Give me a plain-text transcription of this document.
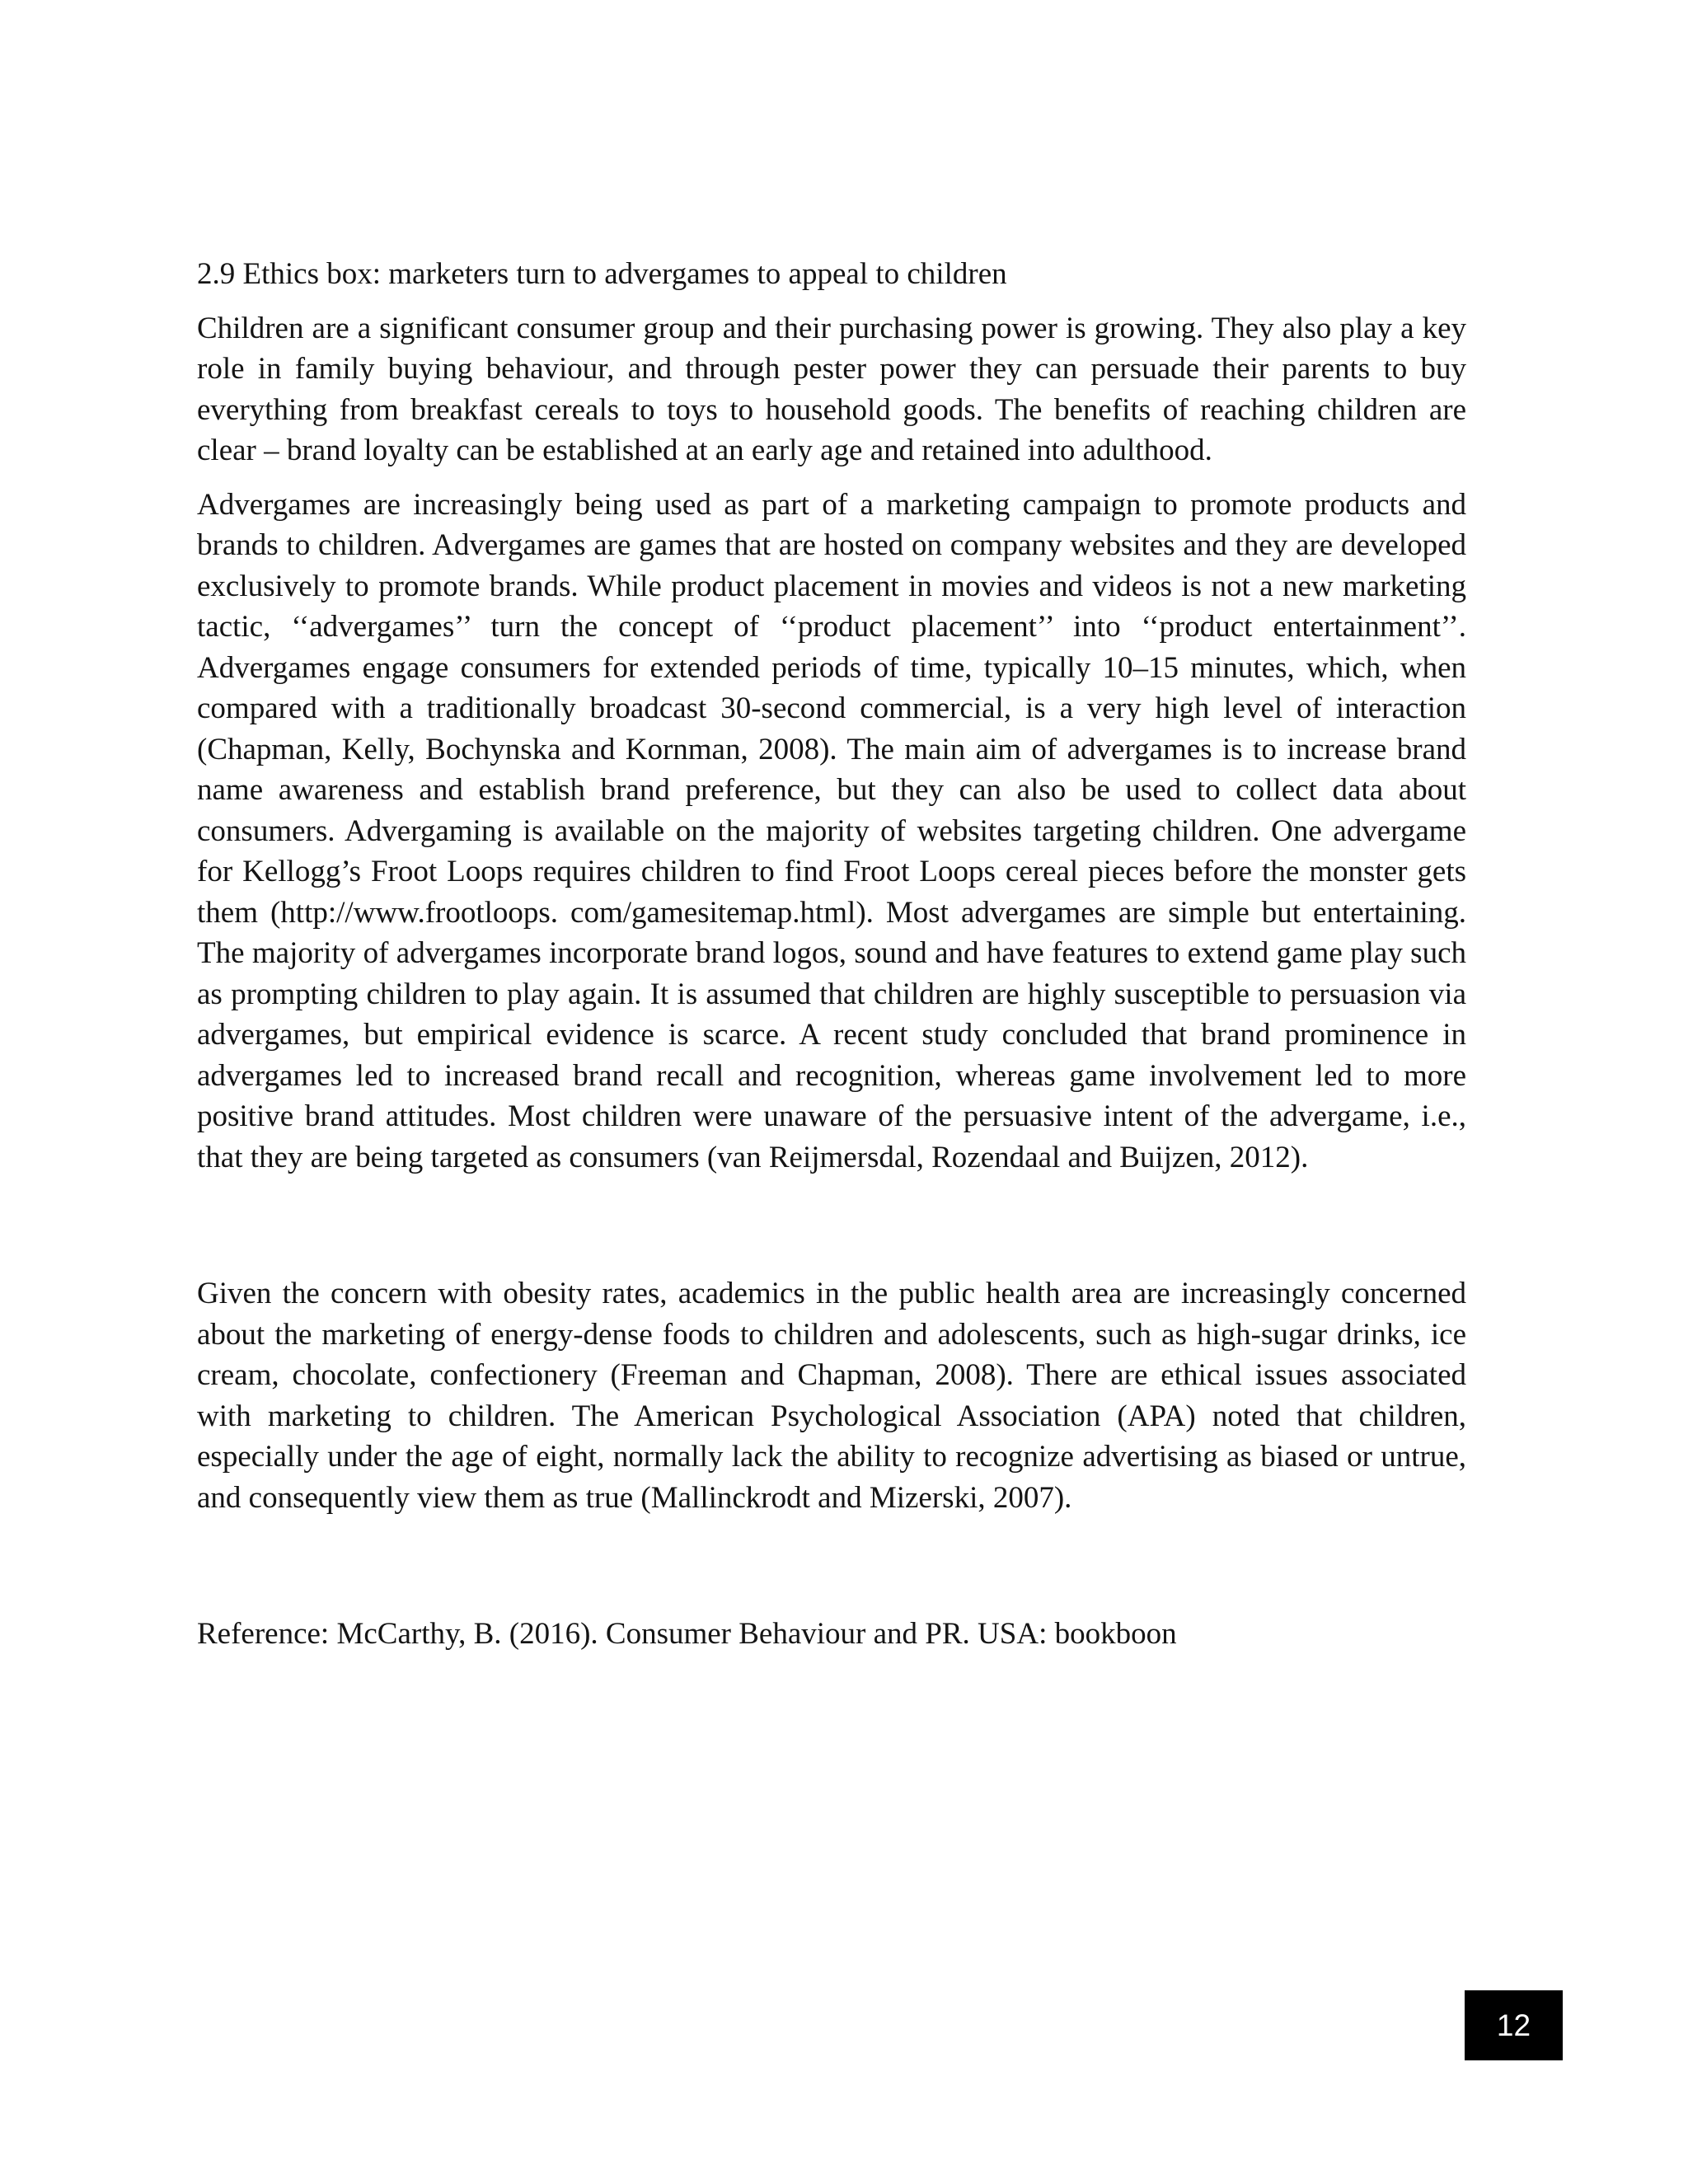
2.9 Ethics box: marketers turn to advergames to appeal to children

Children are a significant consumer group and their purchasing power is growing. They also play a key role in family buying behaviour, and through pester power they can persuade their parents to buy everything from breakfast cereals to toys to household goods. The benefits of reaching children are clear – brand loyalty can be established at an early age and retained into adulthood.

Advergames are increasingly being used as part of a marketing campaign to promote products and brands to children. Advergames are games that are hosted on company websites and they are developed exclusively to promote brands. While product placement in movies and videos is not a new marketing tactic, ‘‘advergames’’ turn the concept of ‘‘product placement’’ into ‘‘product entertainment’’. Advergames engage consumers for extended periods of time, typically 10–15 minutes, which, when compared with a traditionally broadcast 30-second commercial, is a very high level of interaction (Chapman, Kelly, Bochynska and Kornman, 2008). The main aim of advergames is to increase brand name awareness and establish brand preference, but they can also be used to collect data about consumers. Advergaming is available on the majority of websites targeting children. One advergame for Kellogg’s Froot Loops requires children to find Froot Loops cereal pieces before the monster gets them (http://www.frootloops. com/gamesitemap.html). Most advergames are simple but entertaining. The majority of advergames incorporate brand logos, sound and have features to extend game play such as prompting children to play again. It is assumed that children are highly susceptible to persuasion via advergames, but empirical evidence is scarce. A recent study concluded that brand prominence in advergames led to increased brand recall and recognition, whereas game involvement led to more positive brand attitudes. Most children were unaware of the persuasive intent of the advergame, i.e., that they are being targeted as consumers (van Reijmersdal, Rozendaal and Buijzen, 2012).

Given the concern with obesity rates, academics in the public health area are increasingly concerned about the marketing of energy-dense foods to children and adolescents, such as high-sugar drinks, ice cream, chocolate, confectionery (Freeman and Chapman, 2008). There are ethical issues associated with marketing to children. The American Psychological Association (APA) noted that children, especially under the age of eight, normally lack the ability to recognize advertising as biased or untrue, and consequently view them as true (Mallinckrodt and Mizerski, 2007).

Reference: McCarthy, B. (2016). Consumer Behaviour and PR. USA: bookboon

12
